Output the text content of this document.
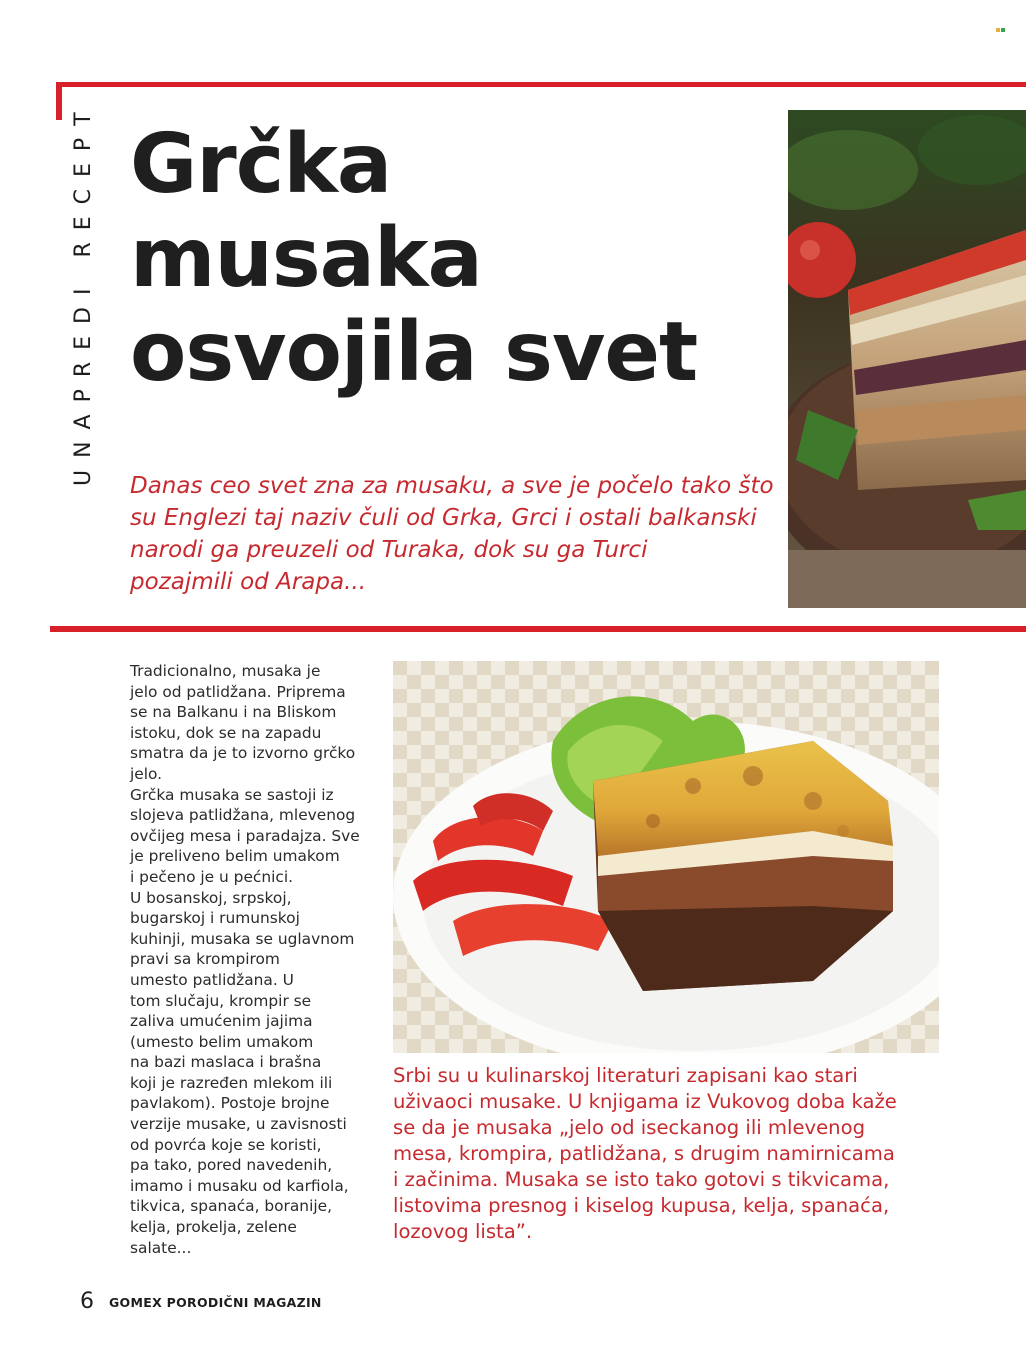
UNAPREDI RECEPT Grčka
musaka
osvojila svet
Danas ceo svet zna za musaku, a sve je počelo tako što
su Englezi taj naziv čuli od Grka, Grci i ostali balkanski
narodi ga preuzeli od Turaka, dok su ga Turci
pozajmili od Arapa...

Tradicionalno, musaka je

jelo od patlidžana. Priprema

se na Balkanu i na Bliskom

istoku, dok se na zapadu

smatra da je to izvorno grčko

jelo.

Grčka musaka se sastoji iz

slojeva patlidžana, mlevenog

ovčijeg mesa i paradajza. Sve

je preliveno belim umakom

i pečeno je u pećnici.

U bosanskoj, srpskoj,

bugarskoj i rumunskoj

kuhinji, musaka se uglavnom

pravi sa krompirom

umesto patlidžana. U

tom slučaju, krompir se

zaliva umućenim jajima

(umesto belim umakom

na bazi maslaca i brašna

koji je razređen mlekom ili

pavlakom). Postoje brojne

verzije musake, u zavisnosti

od povrća koje se koristi,

pa tako, pored navedenih,

imamo i musaku od karfiola,

tikvica, spanaća, boranije,

kelja, prokelja, zelene

salate...

Srbi su u kulinarskoj literaturi zapisani kao stari
uživaoci musake. U knjigama iz Vukovog doba kaže
se da je musaka „jelo od iseckanog ili mlevenog
mesa, krompira, patlidžana, s drugim namirnicama
i začinima. Musaka se isto tako gotovi s tikvicama,
listovima presnog i kiselog kupusa, kelja, spanaća,
lozovog lista”.
6 GOMEX PORODIČNI MAGAZIN
